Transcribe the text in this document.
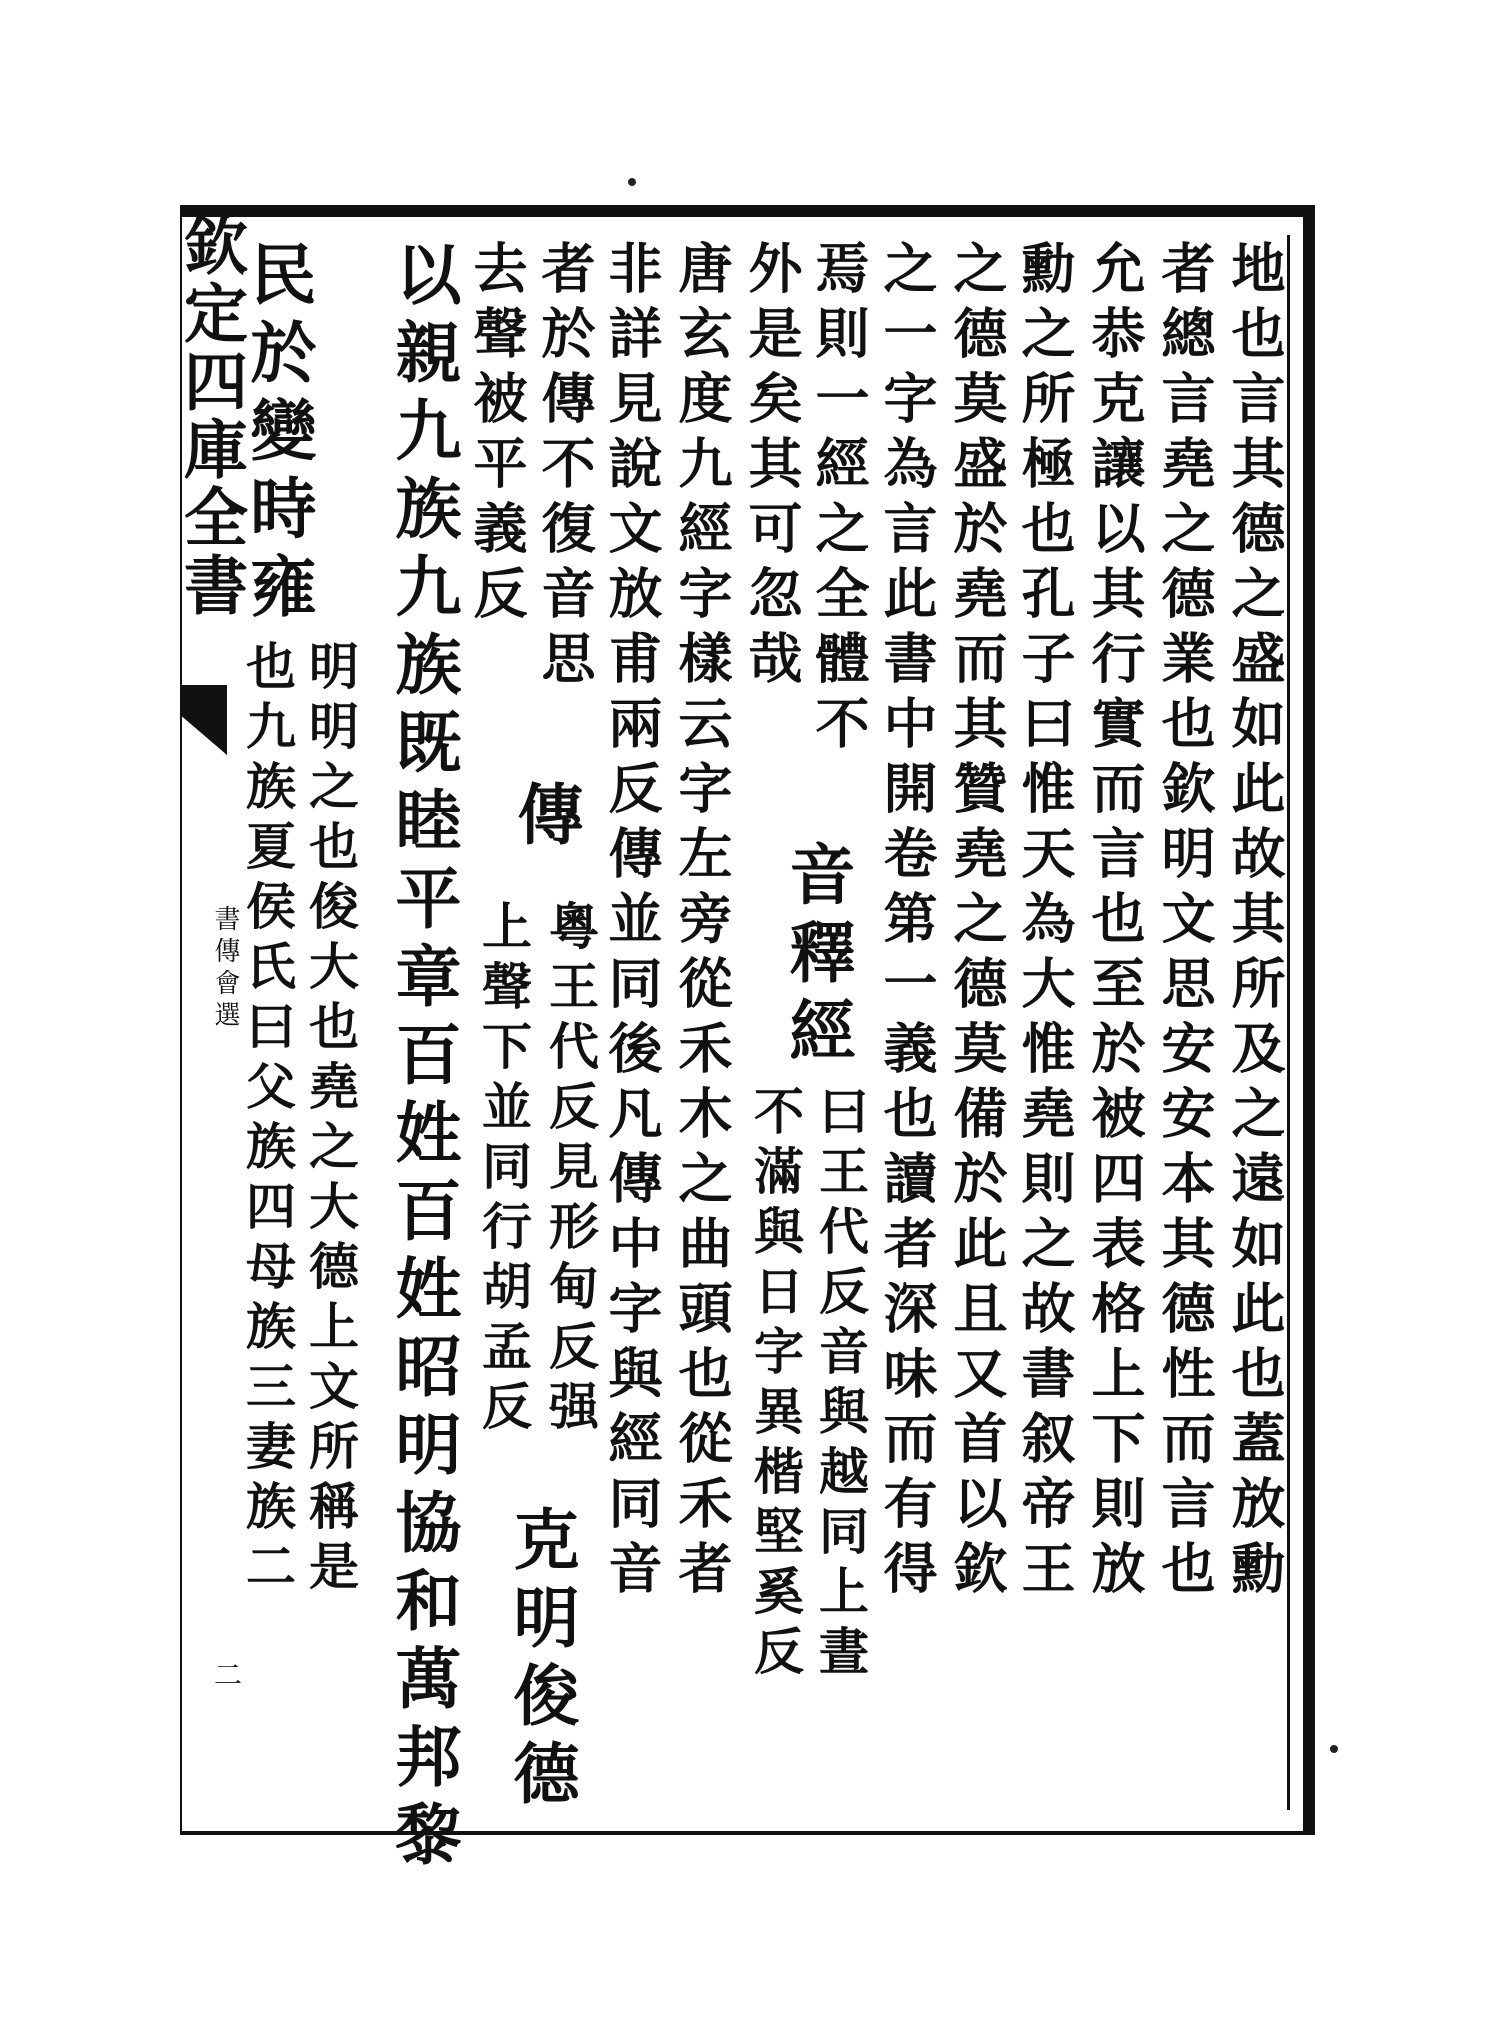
欽定四庫全書
書傳會選
二
地也言其德之盛如此故其所及之遠如此也蓋放勳
者總言堯之德業也欽明文思安安本其德性而言也
允恭克讓以其行實而言也至於被四表格上下則放
勳之所極也孔子曰惟天為大惟堯則之故書叙帝王
之德莫盛於堯而其贊堯之德莫備於此且又首以欽
之一字為言此書中開卷第一義也讀者深味而有得
焉則一經之全體不
音釋經
曰王代反音與越同上晝
外是矣其可忽哉
不滿與日字異楷堅奚反
唐玄度九經字樣云字左旁從禾木之曲頭也從禾者
非詳見說文放甫兩反傳並同後凡傳中字與經同音
者於傳不復音思
傳
粵王代反見形甸反强
去聲被平義反
上聲下並同行胡孟反
克明俊德
以親九族九族既睦平章百姓百姓昭明協和萬邦黎
民於變時雍
明明之也俊大也堯之大德上文所稱是
也九族夏侯氏曰父族四母族三妻族二
